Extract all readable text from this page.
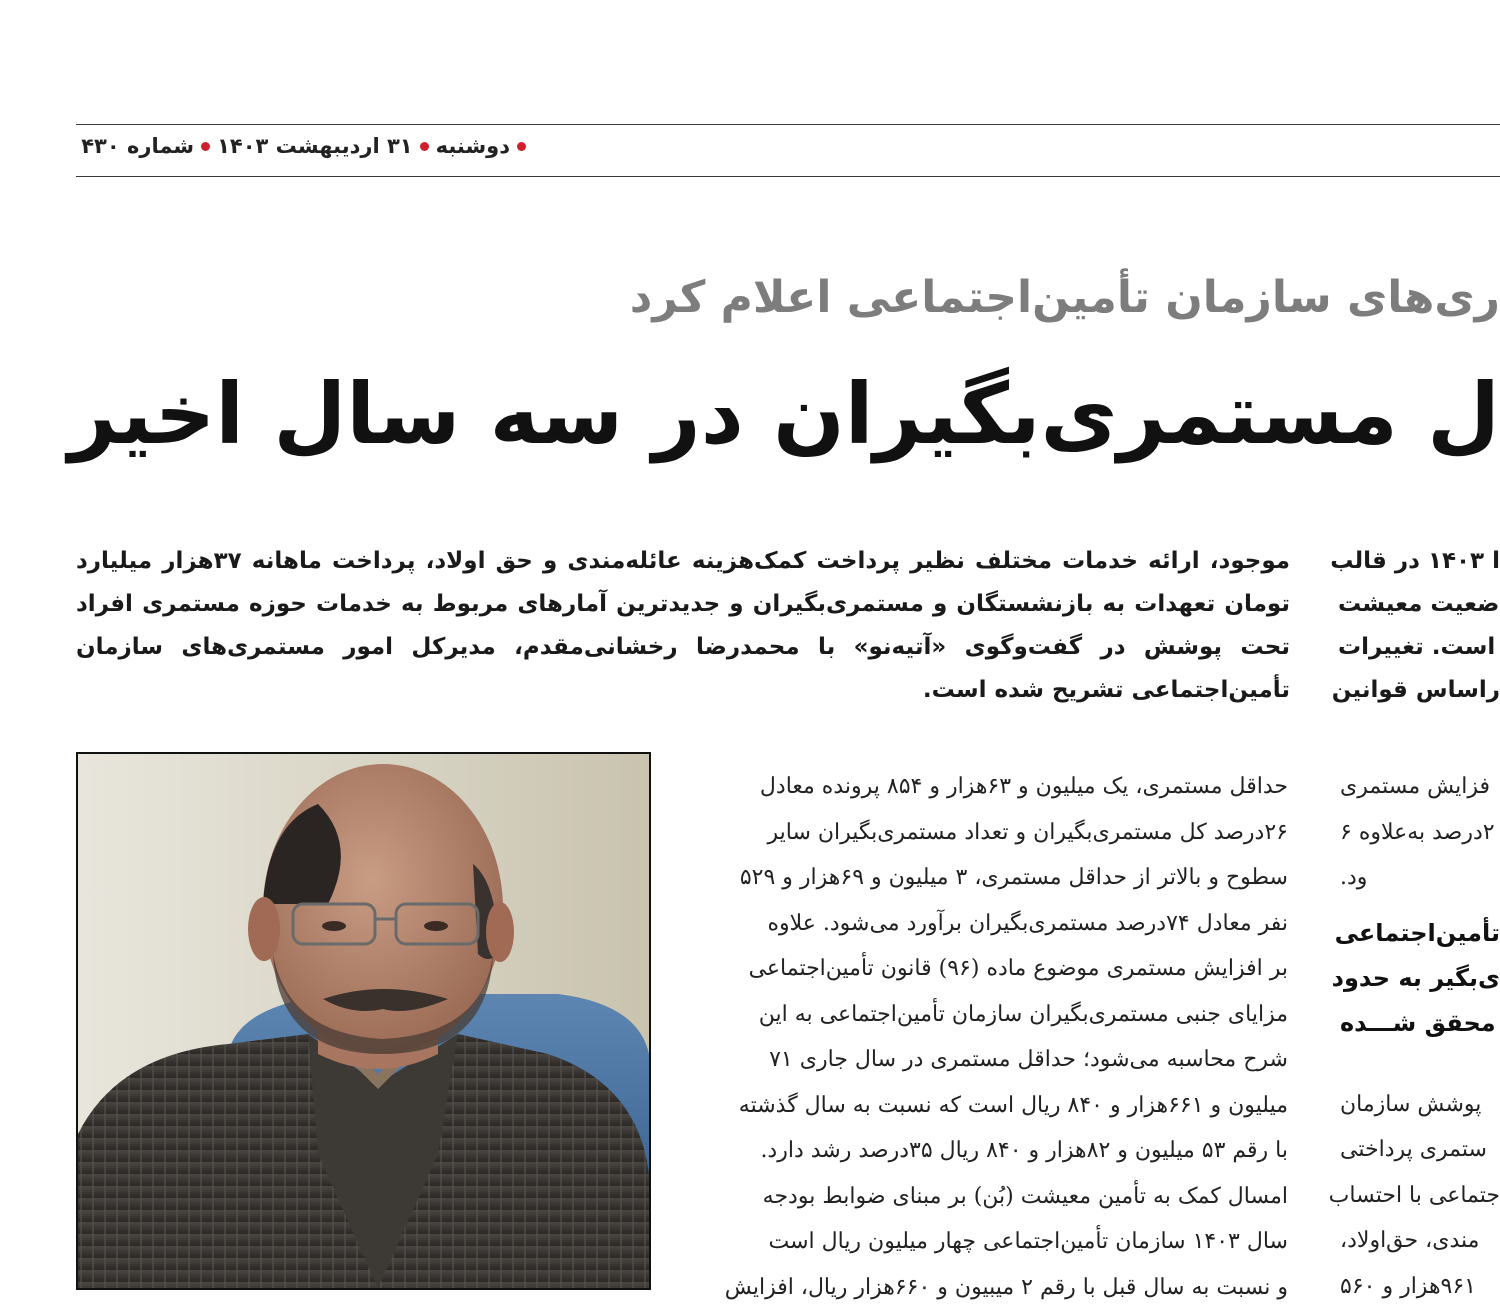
دوشنبه
۳۱ اردیبهشت ۱۴۰۳
شماره ۴۳۰
ری‌های سازمان تأمین‌اجتماعی اعلام کرد
ل مستمری‌بگیران در سه سال اخیر
موجود، ارائه خدمات مختلف نظیر پرداخت کمک‌هزینه عائله‌مندی و حق اولاد، پرداخت ماهانه ۳۷هزار میلیارد تومان تعهدات به بازنشستگان و مستمری‌بگیران و جدیدترین آمارهای مربوط به خدمات حوزه مستمری افراد تحت پوشش در گفت‌وگوی «آتیه‌نو» با محمدرضا رخشانی‌مقدم، مدیرکل امور مستمری‌های سازمان تأمین‌اجتماعی تشریح شده است.
ا ۱۴۰۳ در قالب
ضعیت معیشت
است. تغییرات
راساس قوانین
حداقل مستمری، یک میلیون و ۶۳هزار و ۸۵۴ پرونده معادل
۲۶درصد کل مستمری‌بگیران و تعداد مستمری‌بگیران سایر
سطوح و بالاتر از حداقل مستمری، ۳ میلیون و ۶۹هزار و ۵۲۹
نفر معادل ۷۴درصد مستمری‌بگیران برآورد می‌شود. علاوه
بر افزایش مستمری موضوع ماده (۹۶) قانون تأمین‌اجتماعی
مزایای جنبی مستمری‌بگیران سازمان تأمین‌اجتماعی به این
شرح محاسبه می‌شود؛ حداقل مستمری در سال جاری ۷۱
میلیون و ۶۶۱هزار و ۸۴۰ ریال است که نسبت به سال گذشته
با رقم ۵۳ میلیون و ۸۲هزار و ۸۴۰ ریال ۳۵درصد رشد دارد.
امسال کمک به تأمین معیشت (بُن) بر مبنای ضوابط بودجه
سال ۱۴۰۳ سازمان تأمین‌اجتماعی چهار میلیون ریال است
و نسبت به سال قبل با رقم ۲ میبیون و ۶۶۰هزار ریال، افزایش
فزایش مستمری
۲درصد به‌علاوه ۶
ود.
تأمین‌اجتماعی
ی‌بگیر به حدود
محقق شـــده
پوشش سازمان
ستمری پرداختی
جتماعی با احتساب
مندی، حق‌اولاد،
۹۶۱هزار و ۵۶۰
